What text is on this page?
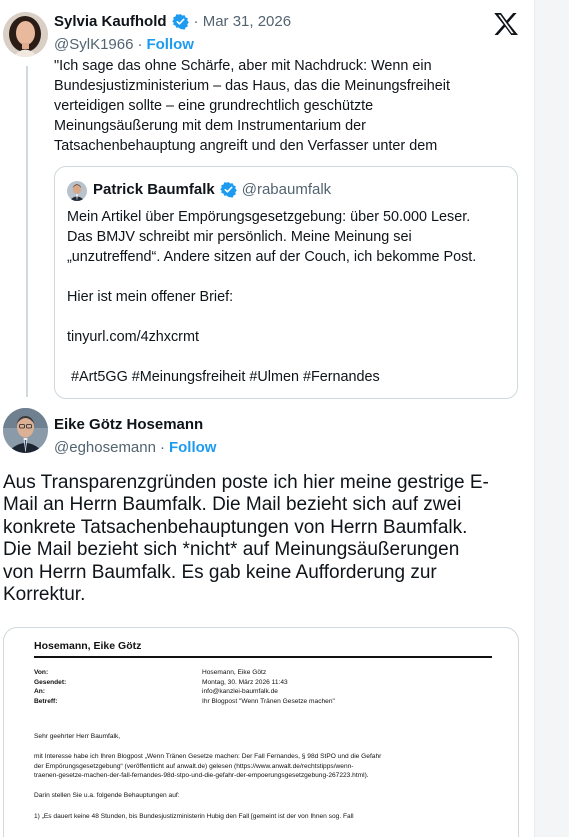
Sylvia Kaufhold · Mar 31, 2026
@SylK1966 · Follow
"Ich sage das ohne Schärfe, aber mit Nachdruck: Wenn ein
Bundesjustizministerium – das Haus, das die Meinungsfreiheit
verteidigen sollte – eine grundrechtlich geschützte
Meinungsäußerung mit dem Instrumentarium der
Tatsachenbehauptung angreift und den Verfasser unter dem
Patrick Baumfalk @rabaumfalk
Mein Artikel über Empörungsgesetzgebung: über 50.000 Leser.
Das BMJV schreibt mir persönlich. Meine Meinung sei
„unzutreffend“. Andere sitzen auf der Couch, ich bekomme Post.
Hier ist mein offener Brief:
tinyurl.com/4zhxcrmt
#Art5GG #Meinungsfreiheit #Ulmen #Fernandes
Eike Götz Hosemann
@eghosemann · Follow
Aus Transparenzgründen poste ich hier meine gestrige E-
Mail an Herrn Baumfalk. Die Mail bezieht sich auf zwei
konkrete Tatsachenbehauptungen von Herrn Baumfalk.
Die Mail bezieht sich *nicht* auf Meinungsäußerungen
von Herrn Baumfalk. Es gab keine Aufforderung zur
Korrektur.
Hosemann, Eike Götz
Von:	Hosemann, Eike Götz
Gesendet:	Montag, 30. März 2026 11:43
An:	info@kanzlei-baumfalk.de
Betreff:	Ihr Blogpost "Wenn Tränen Gesetze machen"
Sehr geehrter Herr Baumfalk,
mit Interesse habe ich Ihren Blogpost „Wenn Tränen Gesetze machen: Der Fall Fernandes, § 98d StPO und die Gefahr
der Empörungsgesetzgebung“ (veröffentlicht auf anwalt.de) gelesen (https://www.anwalt.de/rechtstipps/wenn-
traenen-gesetze-machen-der-fall-fernandes-98d-stpo-und-die-gefahr-der-empoerungsgesetzgebung-267223.html).
Darin stellen Sie u.a. folgende Behauptungen auf:
1) „Es dauert keine 48 Stunden, bis Bundesjustizministerin Hubig den Fall [gemeint ist der von Ihnen sog. Fall
